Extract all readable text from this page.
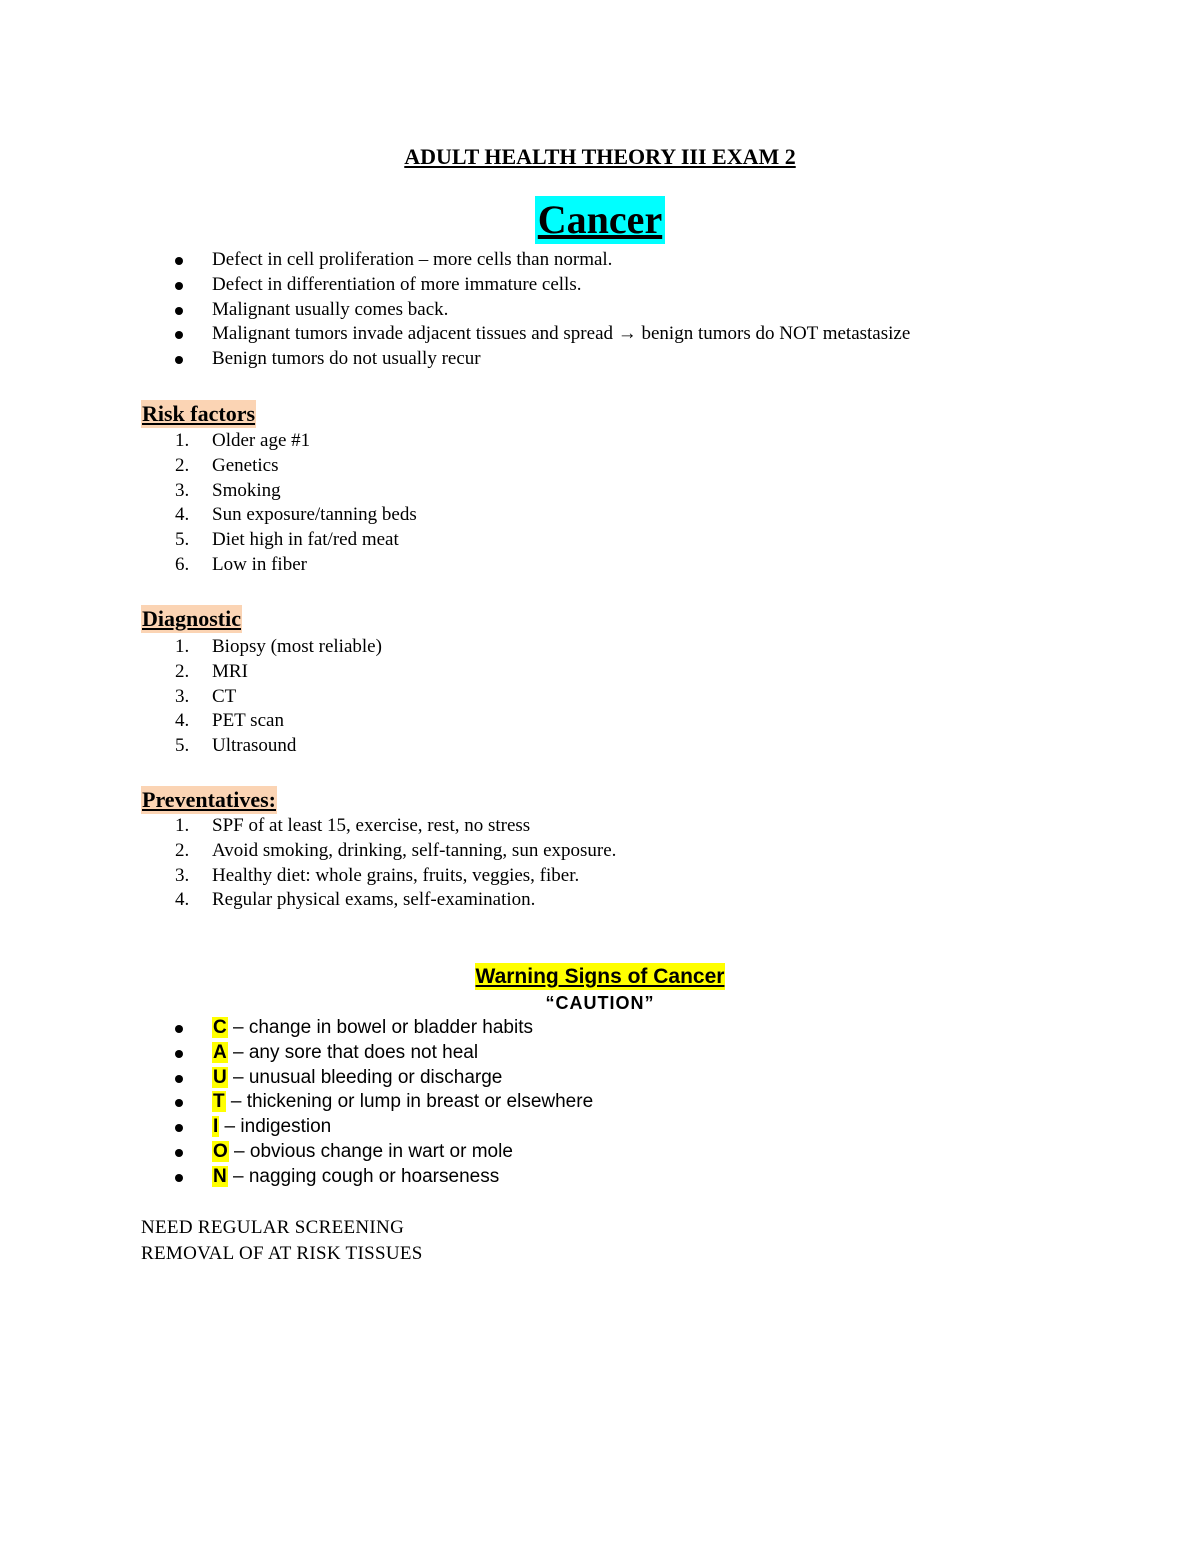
ADULT HEALTH THEORY III EXAM 2
Cancer
Defect in cell proliferation – more cells than normal.
Defect in differentiation of more immature cells.
Malignant usually comes back.
Malignant tumors invade adjacent tissues and spread → benign tumors do NOT metastasize
Benign tumors do not usually recur
Risk factors
1.	Older age #1
2.	Genetics
3.	Smoking
4.	Sun exposure/tanning beds
5.	Diet high in fat/red meat
6.	Low in fiber
Diagnostic
1.	Biopsy (most reliable)
2.	MRI
3.	CT
4.	PET scan
5.	Ultrasound
Preventatives:
1.	SPF of at least 15, exercise, rest, no stress
2.	Avoid smoking, drinking, self-tanning, sun exposure.
3.	Healthy diet: whole grains, fruits, veggies, fiber.
4.	Regular physical exams, self-examination.
Warning Signs of Cancer
“CAUTION”
C – change in bowel or bladder habits
A – any sore that does not heal
U – unusual bleeding or discharge
T – thickening or lump in breast or elsewhere
I – indigestion
O – obvious change in wart or mole
N – nagging cough or hoarseness
NEED REGULAR SCREENING
REMOVAL OF AT RISK TISSUES
